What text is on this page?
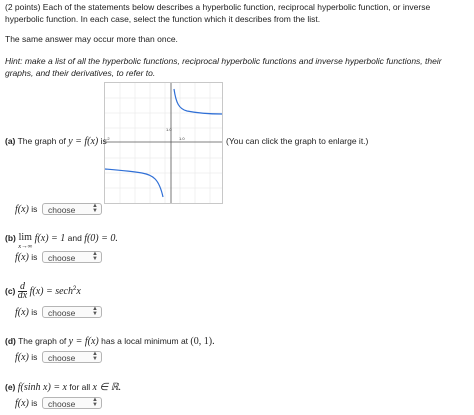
(2 points) Each of the statements below describes a hyperbolic function, reciprocal hyperbolic function, or inverse hyperbolic function. In each case, select the function which it describes from the list.
The same answer may occur more than once.
Hint: make a list of all the hyperbolic functions, reciprocal hyperbolic functions and inverse hyperbolic functions, their graphs, and their derivatives, to refer to.
1.0
1.0
-2
(a) The graph of y = f(x) is	(You can click the graph to enlarge it.)
f(x) is	choose	▲
▼
(b) lim
x→∞
f(x) = 1 and f(0) = 0.
f(x) is	choose	▲
▼
$(c) \frac{d}{dx} f(x) = \sec h^2x$
f(x) is	choose	▲
▼
(d) The graph of y = f(x) has a local minimum at (0, 1).
f(x) is	choose	▲
▼
(e) f(sinh x) = x for all x ∈ ℝ.
f(x) is	choose	▲
▼
